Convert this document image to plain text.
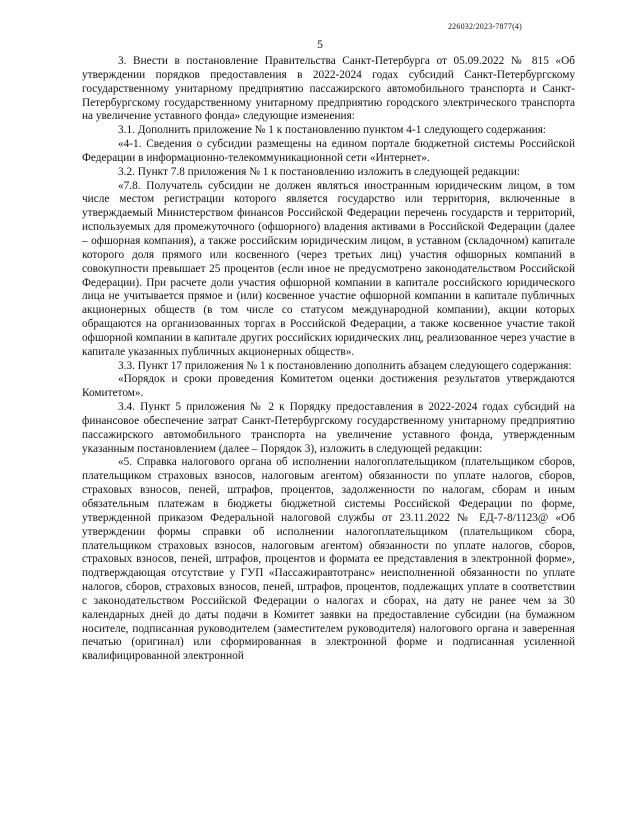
226032/2023-7877(4)
5

3. Внести в постановление Правительства Санкт-Петербурга от 05.09.2022 № 815 «Об утверждении порядков предоставления в 2022-2024 годах субсидий Санкт-Петербургскому государственному унитарному предприятию пассажирского автомобильного транспорта и Санкт-Петербургскому государственному унитарному предприятию городского электрического транспорта на увеличение уставного фонда» следующие изменения:

3.1. Дополнить приложение № 1 к постановлению пунктом 4-1 следующего содержания:

«4-1. Сведения о субсидии размещены на едином портале бюджетной системы Российской Федерации в информационно-телекоммуникационной сети «Интернет».

3.2. Пункт 7.8 приложения № 1 к постановлению изложить в следующей редакции:

«7.8. Получатель субсидии не должен являться иностранным юридическим лицом, в том числе местом регистрации которого является государство или территория, включенные в утверждаемый Министерством финансов Российской Федерации перечень государств и территорий, используемых для промежуточного (офшорного) владения активами в Российской Федерации (далее – офшорная компания), а также российским юридическим лицом, в уставном (складочном) капитале которого доля прямого или косвенного (через третьих лиц) участия офшорных компаний в совокупности превышает 25 процентов (если иное не предусмотрено законодательством Российской Федерации). При расчете доли участия офшорной компании в капитале российского юридического лица не учитывается прямое и (или) косвенное участие офшорной компании в капитале публичных акционерных обществ (в том числе со статусом международной компании), акции которых обращаются на организованных торгах в Российской Федерации, а также косвенное участие такой офшорной компании в капитале других российских юридических лиц, реализованное через участие в капитале указанных публичных акционерных обществ».

3.3. Пункт 17 приложения № 1 к постановлению дополнить абзацем следующего содержания:

«Порядок и сроки проведения Комитетом оценки достижения результатов утверждаются Комитетом».

3.4. Пункт 5 приложения № 2 к Порядку предоставления в 2022-2024 годах субсидий на финансовое обеспечение затрат Санкт-Петербургскому государственному унитарному предприятию пассажирского автомобильного транспорта на увеличение уставного фонда, утвержденным указанным постановлением (далее – Порядок 3), изложить в следующей редакции:

«5. Справка налогового органа об исполнении налогоплательщиком (плательщиком сборов, плательщиком страховых взносов, налоговым агентом) обязанности по уплате налогов, сборов, страховых взносов, пеней, штрафов, процентов, задолженности по налогам, сборам и иным обязательным платежам в бюджеты бюджетной системы Российской Федерации по форме, утвержденной приказом Федеральной налоговой службы от 23.11.2022 № ЕД-7-8/1123@ «Об утверждении формы справки об исполнении налогоплательщиком (плательщиком сбора, плательщиком страховых взносов, налоговым агентом) обязанности по уплате налогов, сборов, страховых взносов, пеней, штрафов, процентов и формата ее представления в электронной форме», подтверждающая отсутствие у ГУП «Пассажиравтотранс» неисполненной обязанности по уплате налогов, сборов, страховых взносов, пеней, штрафов, процентов, подлежащих уплате в соответствии с законодательством Российской Федерации о налогах и сборах, на дату не ранее чем за 30 календарных дней до даты подачи в Комитет заявки на предоставление субсидии (на бумажном носителе, подписанная руководителем (заместителем руководителя) налогового органа и заверенная печатью (оригинал) или сформированная в электронной форме и подписанная усиленной квалифицированной электронной
